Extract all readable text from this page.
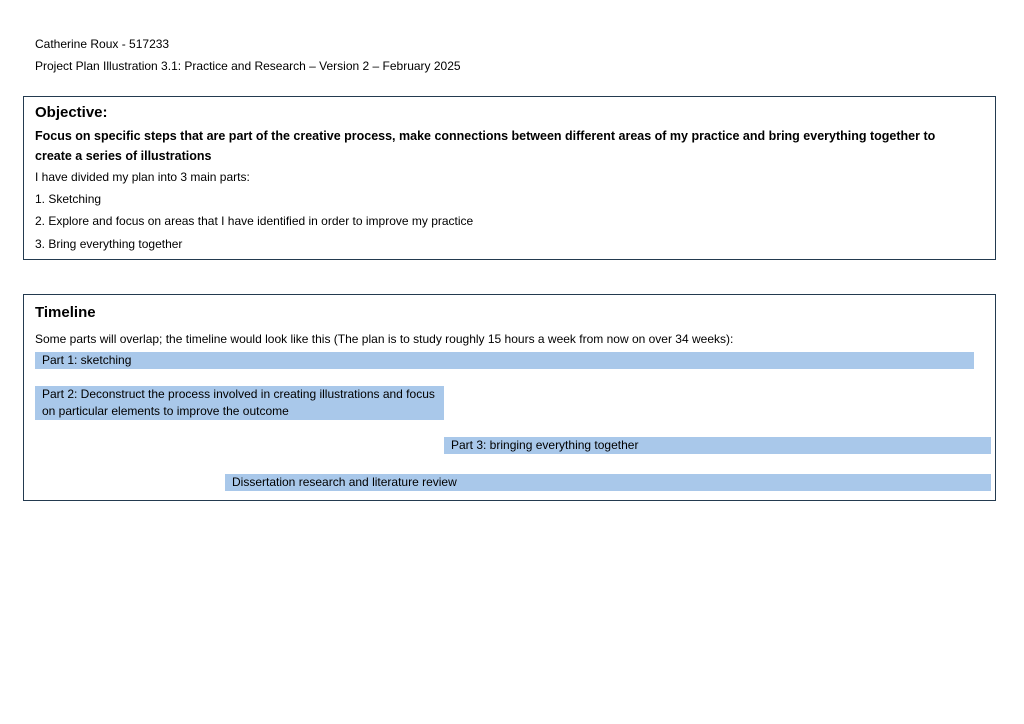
Catherine Roux - 517233
Project Plan Illustration 3.1: Practice and Research – Version 2 – February 2025
Objective:
Focus on specific steps that are part of the creative process, make connections between different areas of my practice and bring everything together to create a series of illustrations
I have divided my plan into 3 main parts:
1. Sketching
2. Explore and focus on areas that I have identified in order to improve my practice
3. Bring everything together
Timeline
Some parts will overlap; the timeline would look like this (The plan is to study roughly 15 hours a week from now on over 34 weeks):
Part 1: sketching
Part 2: Deconstruct the process involved in creating illustrations and focus on particular elements to improve the outcome
Part 3: bringing everything together
Dissertation research and literature review
